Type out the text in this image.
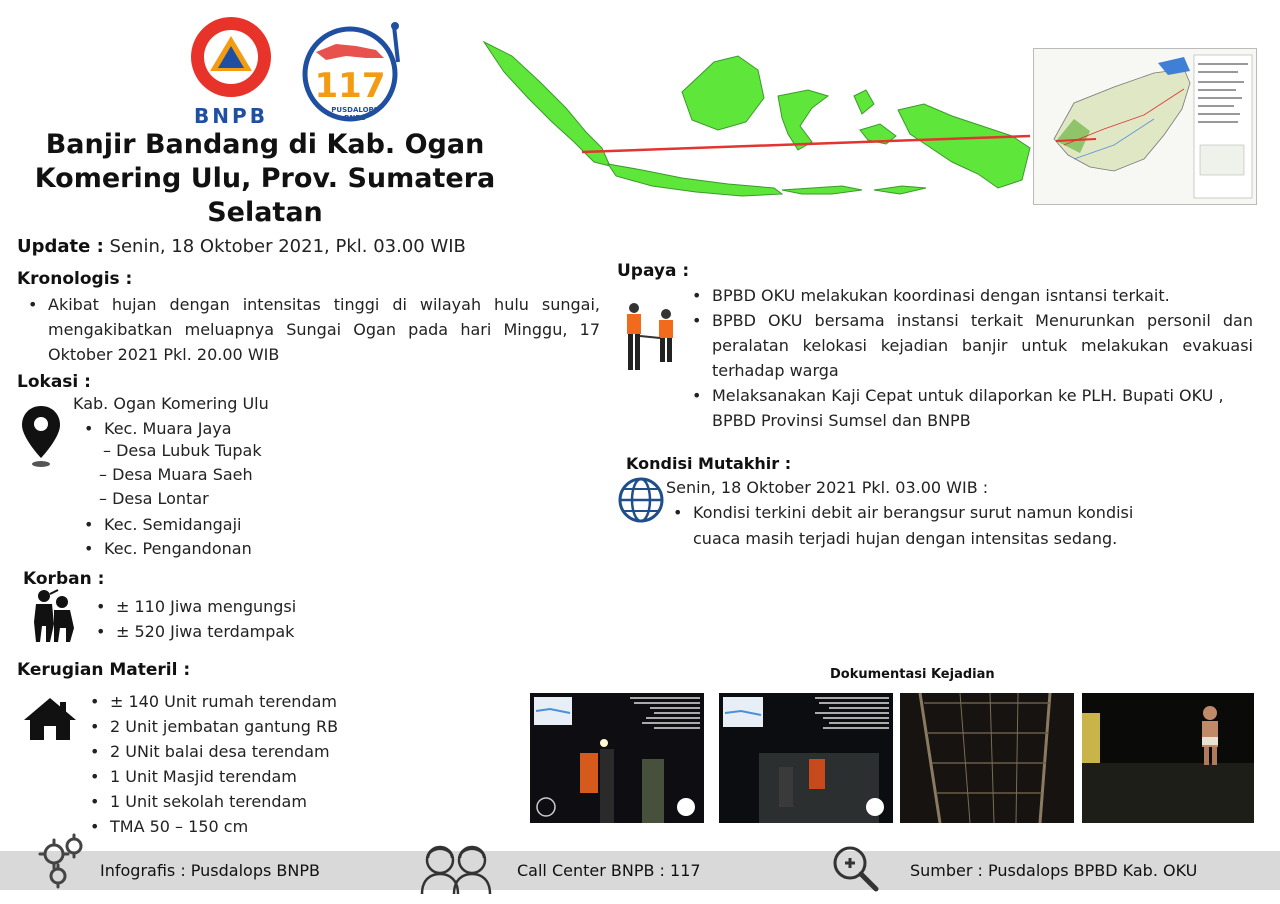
BNPB
117
PUSDALOPS BNPB
Banjir Bandang di Kab. Ogan
Komering Ulu, Prov. Sumatera
Selatan
Update : Senin, 18 Oktober 2021, Pkl. 03.00 WIB
Kronologis :
• Akibat hujan dengan intensitas tinggi di wilayah hulu sungai, mengakibatkan meluapnya Sungai Ogan pada hari Minggu, 17 Oktober 2021 Pkl. 20.00 WIB
Lokasi :
Kab. Ogan Komering Ulu
• Kec. Muara Jaya
– Desa Lubuk Tupak
– Desa Muara Saeh
– Desa Lontar
• Kec. Semidangaji
• Kec. Pengandonan
Korban :
• ± 110 Jiwa mengungsi
• ± 520 Jiwa terdampak
Kerugian Materil :
• ± 140 Unit rumah terendam
• 2 Unit jembatan gantung RB
• 2 UNit balai desa terendam
• 1 Unit Masjid terendam
• 1 Unit sekolah terendam
• TMA 50 – 150 cm
Upaya :
• BPBD OKU melakukan koordinasi dengan isntansi terkait.
• BPBD OKU bersama instansi terkait Menurunkan personil dan peralatan kelokasi kejadian banjir untuk melakukan evakuasi terhadap warga
• Melaksanakan Kaji Cepat untuk dilaporkan ke PLH. Bupati OKU , BPBD Provinsi Sumsel dan BNPB
Kondisi Mutakhir :
Senin, 18 Oktober 2021 Pkl. 03.00 WIB :
• Kondisi terkini debit air berangsur surut namun kondisi cuaca masih terjadi hujan dengan intensitas sedang.
Dokumentasi Kejadian
Infografis : Pusdalops BNPB	Call Center BNPB : 117	Sumber : Pusdalops BPBD Kab. OKU
